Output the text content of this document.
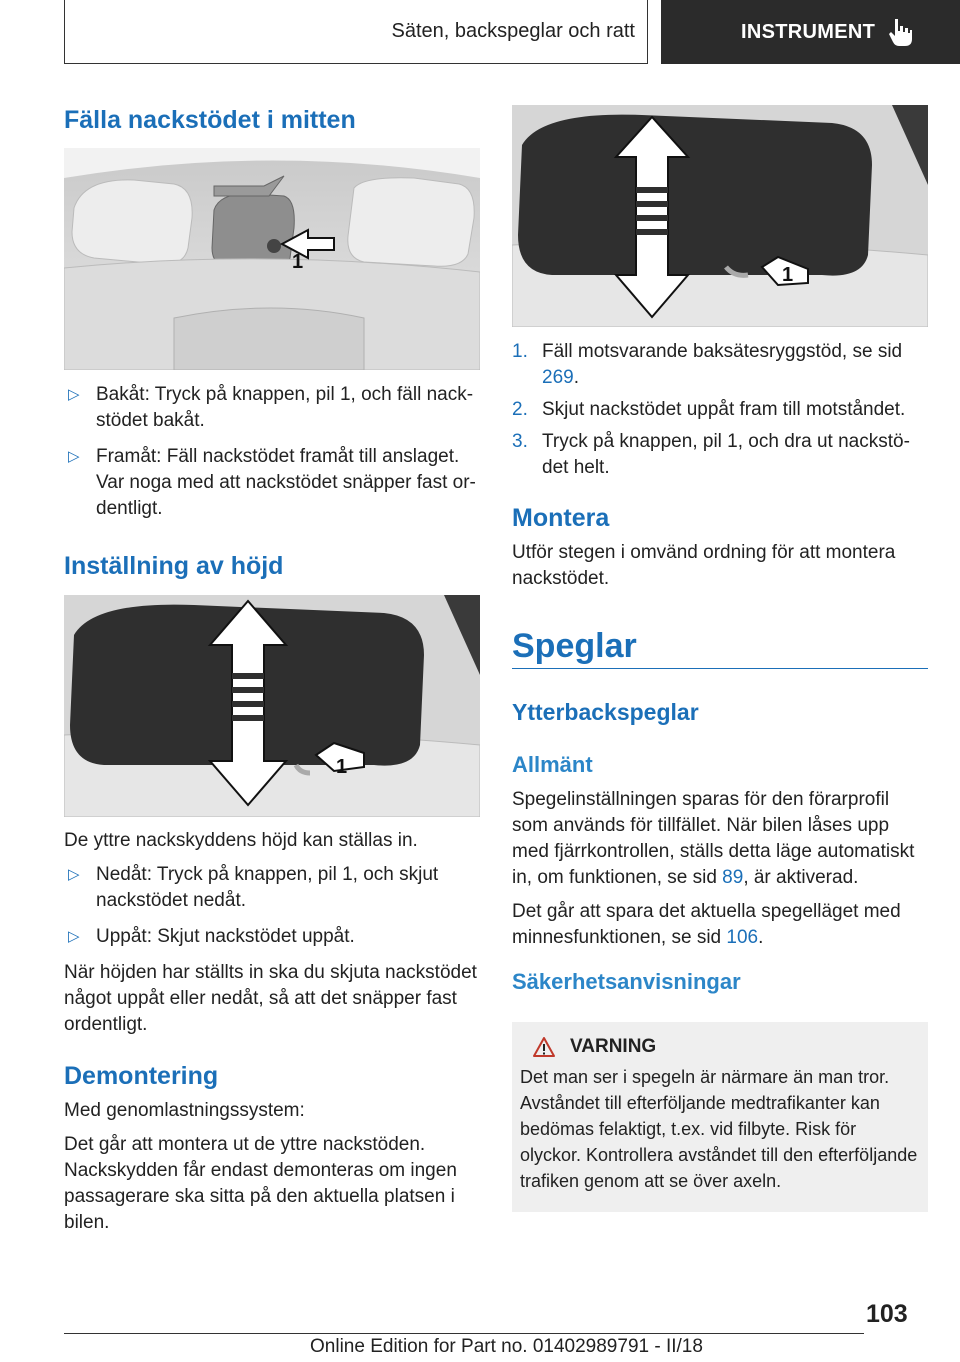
Säten, backspeglar och ratt	INSTRUMENT
Fälla nackstödet i mitten
1
▷ Bakåt: Tryck på knappen, pil 1, och fäll nackstödet bakåt.
▷ Framåt: Fäll nackstödet framåt till anslaget. Var noga med att nackstödet snäpper fast ordentligt.
Inställning av höjd
1

De yttre nackskyddens höjd kan ställas in.

▷ Nedåt: Tryck på knappen, pil 1, och skjut nackstödet nedåt.
▷ Uppåt: Skjut nackstödet uppåt.

När höjden har ställts in ska du skjuta nackstödet något uppåt eller nedåt, så att det snäpper fast ordentligt.

Demontering

Med genomlastningssystem:

Det går att montera ut de yttre nackstöden. Nackskydden får endast demonteras om ingen passagerare ska sitta på den aktuella platsen i bilen.

1
1. Fäll motsvarande baksätesryggstöd, se sid 269.
2. Skjut nackstödet uppåt fram till motståndet.
3. Tryck på knappen, pil 1, och dra ut nackstödet helt.
Montera
Utför stegen i omvänd ordning för att montera nackstödet.
Speglar
Ytterbackspeglar
Allmänt

Spegelinställningen sparas för den förarprofil som används för tillfället. När bilen låses upp med fjärrkontrollen, ställs detta läge automatiskt in, om funktionen, se sid 89, är aktiverad.

Det går att spara det aktuella spegelläget med minnesfunktionen, se sid 106.

Säkerhetsanvisningar
VARNING
Det man ser i spegeln är närmare än man tror. Avståndet till efterföljande medtrafikanter kan bedömas felaktigt, t.ex. vid filbyte. Risk för olyckor. Kontrollera avståndet till den efterföljande trafiken genom att se över axeln.
103
Online Edition for Part no. 01402989791 - II/18
